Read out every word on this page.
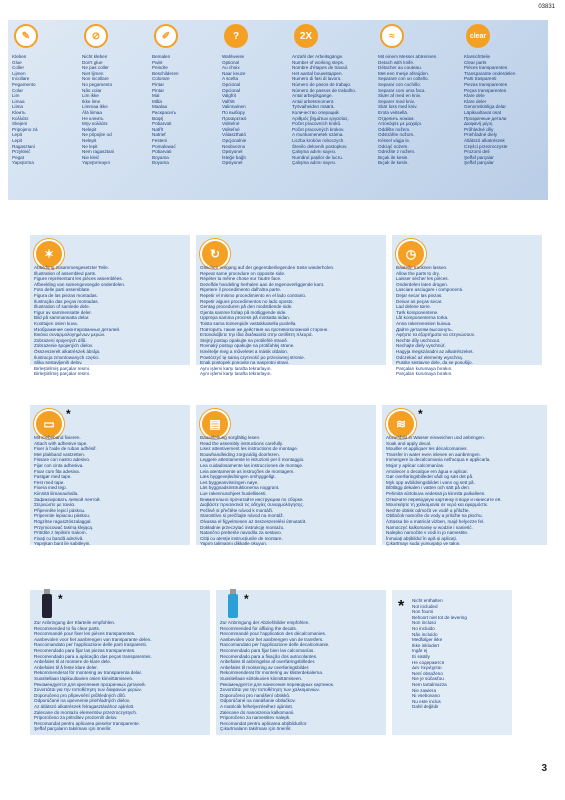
03831
✎
Kleben
Glue
Coller
Lijmen
Incollare
Pegamento
Colar
Lim
Limaa
Liima
Klеить
Κολλάτε
Skejeni
Pripojeno zá
Lepit
Lepit
Ragasztani
Przykleić
Pegat
Yapıştırma
⊘
Nicht kleben
Don't glue
Ne pas coller
Niet lijmen
Non incollare
No pegamento
Não colar
Lim ikke
Ikke lime
Limmaa ikke
Älä liimaa
Не клеить
Μην κολλάτε
Nelepit
Ne pripojite od
Nelepit
Ne lepit
Nem ragasztani
Nie kleić
Yapıştırmayın
✐
Bemalen
Paint
Peindre
Beschilderen
Colorare
Pintar
Pintar
Mal
Måla
Maalaa
Раскрасить
Βαφή
Pobarvati
Natřít
Natrieť
Festeni
Pomalować
Pobarvati
Boyama
Boyama
?
Wahlweise
Optional
Au choix
Naar keuze
A scelta
Opcional
Opcional
Valgfrit
Valfritt
Valinnainen
По выбору
Προαιρετικό
Volitelné
Voliteľné
Választható
Opcjonalnie
Neobvezno
Opsiyonel
İsteğe bağlı
Opsiyonel
2X
Anzahl der Arbeitsgänge.
Number of working steps.
Nombre d'étapes de travail.
Het aantal bouwstappen.
Numero di fasi di lavoro.
Número de pasos de trabajo.
Número de passos de trabalho.
Antal arbejdsgange.
Antal arbetsmoment.
Työvaiheiden määrä.
Количество операций.
Αριθμός βημάτων εργασίας.
Počet pracovních kroků.
Počet pracovných krokov.
A munkamenetek száma.
Liczba kroków roboczych.
Število delovnih postopkov.
Çalışma adımı sayısı.
Numărul pașilor de lucru.
Çalışma adımı sayısı.
≈
Mit einem Messer abtrennen.
Detach with knife.
Détacher au couteau.
Met een mesje afsnijden.
Separare con un coltello.
Separar con cuchillo.
Separar com uma faca.
Skær af med en kniv.
Separer med kniv.
Skär loss med kniv.
Erota veitsellä.
Отделить ножом.
Αποκόψτε με μαχαίρι.
Oddělte nožem.
Odstráňte nožom.
Késsel vágja le.
Odciąć nożem.
Odrežite z nožem.
Bıçak ile kesin.
Bıçak ile kesin.
clear
Klarsichtteile
Clear parts
Pièces transparentes
Transparante onderdelen
Parti trasparenti
Piezas transparentes
Peças transparentes
Klare dele
Klare deler
Genomskinliga delar
Läpikuultavat osat
Прозрачные детали
Διαφανή μέρη
Průhledné díly
Priehľadné diely
Átlátszó alkatrészek
Części przezroczyste
Prozorni deli
Şeffaf parçalar
Şeffaf parçalar
✶
Abbildung zusammengesetzter Teile.
Illustration of assembled parts.
Figure représentant les pièces assemblées.
Afbeelding van samengevoegde onderdelen.
Foto delle parti assemblate.
Figura de las piezas montadas.
Ilustração das peças montadas.
Illustration of samlede dele.
Figur av sammensatte deler.
Bild på sammansatta delar.
Koottujen osien kuva.
Изображение смонтированных деталей.
Εικόνα συναρμολογημένων μερών.
Zobrazení spojených dílů.
Zobrazenie spojených dielov.
Összeszerelt alkatrészek ábrája.
Ilustracja zmontowanych części.
Slika sestavljenih delov.
Birleştirilmiş parçalar resmi.
Birleştirilmiş parçalar resmi.
↻
Gleichen Vorgang auf der gegenüberliegenden Seite wiederholen.
Repeat same procedure on opposite side.
Répéter la même chose sur l'autre face.
Dezelfde handeling herhalen aan de tegenoverliggende kant.
Ripetere il procedimento dall'altra parte.
Repetir el mismo procedimiento en el lado contrario.
Repetir alguns procedimentos no lado oposto.
Gentag proceduren på den modstående side.
Gjenta samme forløp på motliggende side.
Upprepa samma process på motsatta sidan.
Toista sama toimenpide vastakkaisella puolella.
Повторить такие же действия на противоположной стороне.
Επαναλάβετε την ίδια διαδικασία στην αντίθετη πλευρά.
Stejný postup opakujte na protilehlé straně.
Rovnaký postup opakujte na protiľahlej strane.
Ismételje meg a műveletet a másik oldalon.
Powtórzyć tę samą czynność po przeciwnej stronie.
Enak postopek ponovite na nasprotni strani.
Aynı işlemi karşı tarafta tekrarlayın.
Aynı işlemi karşı tarafta tekrarlayın.
◷
Bauteile trocknen lassen.
Allow the parts to dry.
Laisser sécher les pièces.
Onderdelen laten drogen.
Lasciare asciugare i componenti.
Dejar secar las piezas.
Deixar as peças secar.
Lad delene tørre.
Tørk komponentene.
Låt komponenterna torka.
Anna rakenneosien kuivua.
Дайте деталям высохнуть.
Αφήστε τα εξαρτήματα να στεγνώσουν.
Nechte díly uschnout.
Nechajte diely vyschnúť.
Hagyja megszáradni az alkatrészeket.
Odczekać aż elementy wyschną.
Pustite sestavne dele, da se posušijo.
Parçaları kurumaya bırakın.
Parçaları kurumaya bırakın.
▭
*
Mit Klebeband fixieren.
Attach with adhesive tape.
Fixer à l'aide de ruban adhésif.
Met plakband vastzetten.
Fissare con nastro adesivo.
Fijar con cinta adhesiva.
Fixar com fita adesiva.
Fastgør med tape.
Fest med tape.
Fixera med tejp.
Kiinnitä liimanauhalla.
Зафиксировать липкой лентой.
Στερεώστε με ταινία.
Připevněte lepicí páskou.
Pripevnite lepiacou páskou.
Rögzítse ragasztószalaggal.
Przymocować taśmą klejącą.
Pritrdite z lepilnim trakom.
Fixați cu bandă adezivă.
Yapışkan bant ile sabitleyin.
▤
Bauanleitung sorgfältig lesen.
Read the assembly instructions carefully.
Lisez attentivement les instructions de montage.
Bouwhandleiding zorgvuldig doorlezen.
Leggere attentamente le istruzioni per il montaggio.
Lea cuidadosamente las instrucciones de montaje.
Leia atentamente as instruções de montagem.
Læs byggevejledningen omhyggeligt.
Les byggeanvisningen nøye.
Läs byggnadsinstruktionerna noggrant.
Lue rakennusohjeet huolellisesti.
Внимательно прочитайте инструкцию по сборке.
Διαβάστε προσεκτικά τις οδηγίες συναρμολόγησης.
Pečlivě si přečtěte návod k montáži.
Starostlivo si prečítajte návod na montáž.
Olvassa el figyelmesen az összeszerelési útmutatót.
Dokładnie przeczytać instrukcję montażu.
Natančno preberite navodila za sestavo.
Citiți cu atenție instrucțiunile de montare.
Yapım talimatını dikkatle okuyun.
≋
*
Abziehbild in Wasser einweichen und anbringen.
Soak and apply decal.
Mouiller et appliquer les décalcomanies.
Transfer in water even inleven en aanbrengen.
Immergere la decalcomania nell'acqua e applicarla.
Mojar y aplicar calcomanías.
Amolecer o decalque em água e aplicar.
Gør overføringsbilledet vådt og sæt det på.
Myk opp avbildningsbildet i vann og sett på.
Blötlägg dekalen i vatten och sätt på den.
Pehmitä siirtokuva vedessä ja kiinnitä paikalleen.
Отмочите переводную картинку в воде и нанесите её.
Μουσκέψτε τη χαλκομανία σε νερό και εφαρμόστε.
Nechte obtisk odmočit ve vodě a přiložte.
Obtlačok namočte do vody a priložte na plochu.
Áztassa be a matricát vízben, majd helyezze fel.
Namoczyć kalkomanię w wodzie i nanieść.
Nalepko namočite v vodi in jo namestite.
Înmuiați abțibildul în apă și aplicați.
Çıkartmayı suda yumuşatıp ve takın.
*
Zur Anbringung der Klarteile empfohlen.
Recommended to fix clear parts.
Recommandé pour fixer les pièces transparentes.
Aanbevolen voor het aanbrengen van transparante delen.
Raccomandato per l'applicazione delle parti trasparenti.
Recomendado para fijar las piezas transparentes.
Recomendado para a aplicação das peças transparentes.
Anbefales til at montere de klare dele.
Anbefales til å feste klare deler.
Rekommenderat för montering av transparenta delar.
Suositellaan läpikuultavien osien kiinnittämiseen.
Рекомендуется для крепления прозрачных деталей.
Συνιστάται για την τοποθέτηση των διαφανών μερών.
Doporučeno pro připevnění průhledných dílů.
Odporúčané na upevnenie priehľadných dielov.
Az átlátszó alkatrészek felragasztásához ajánlott.
Zalecane do montażu elementów przezroczystych.
Priporočeno za pritrditev prozornih delov.
Recomandat pentru aplicarea pieselor transparente.
Şeffaf parçaların takılması için önerilir.
*
Zur Anbringung der Abziehbilder empfohlen.
Recommended for affixing the decals.
Recommandé pour l'application des décalcomanies.
Aanbevolen voor het aanbrengen van de transfers.
Raccomandato per l'applicazione delle decalcomanie.
Recomendado para fijar bien las calcomanías.
Recomendado para a fixação dos autocolantes.
Anbefales til anbringelse af overføringsbilleder.
Anbefales til montering av overføringsbilder.
Rekommenderat för montering av klisterdekalerna.
Suositellaan siirtokuvien kiinnittämiseen.
Рекомендуется для нанесения переводных картинок.
Συνιστάται για την τοποθέτηση των χαλκομανιών.
Doporučeno pro nanášení obtisků.
Odporúčané na nanášanie obtlačkov.
A matricák felhelyezéséhez ajánlott.
Zalecane do nanoszenia kalkomanii.
Priporočeno za namestitev nalepk.
Recomandat pentru aplicarea abțibildurilor.
Çıkartmaların takılması için önerilir.
* Nicht enthalten
Not included
Non fourni
Behoort niet tot de levering
Non incluso
No incluido
Não incluído
Medfølger ikke
Ikke inkludert
Ingår ej
Ei sisälly
Не содержится
Δεν περιέχεται
Není obsaženo
Nie je súčasťou
Nem tartalmazza
Nie zawiera
Ni vsebovano
Nu este inclus
Dahil değildir
3
